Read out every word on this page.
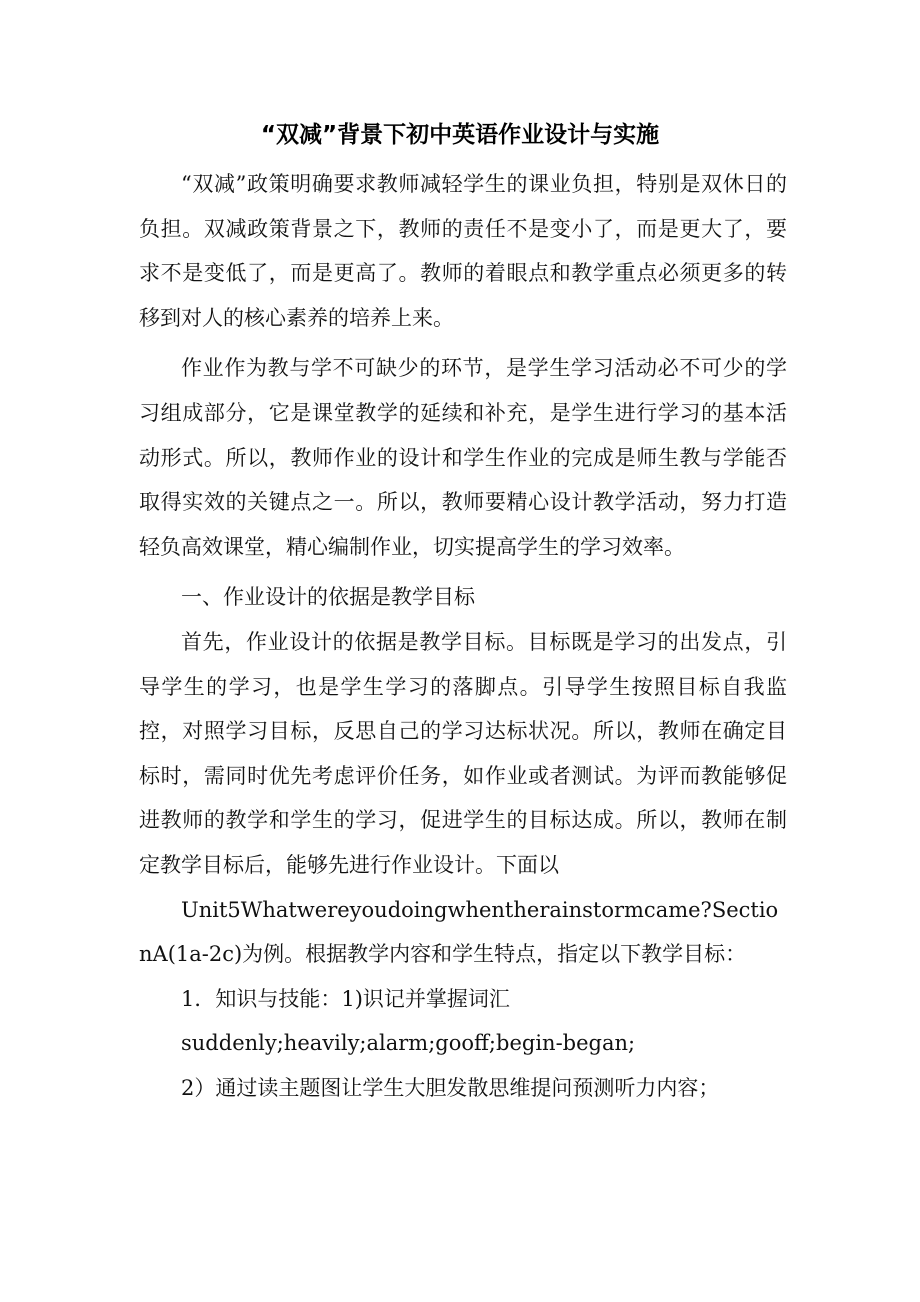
“双减”背景下初中英语作业设计与实施

“双减”政策明确要求教师减轻学生的课业负担，特别是双休日的负担。双减政策背景之下，教师的责任不是变小了，而是更大了，要求不是变低了，而是更高了。教师的着眼点和教学重点必须更多的转移到对人的核心素养的培养上来。

作业作为教与学不可缺少的环节，是学生学习活动必不可少的学习组成部分，它是课堂教学的延续和补充，是学生进行学习的基本活动形式。所以，教师作业的设计和学生作业的完成是师生教与学能否取得实效的关键点之一。所以，教师要精心设计教学活动，努力打造轻负高效课堂，精心编制作业，切实提高学生的学习效率。

一、作业设计的依据是教学目标

首先，作业设计的依据是教学目标。目标既是学习的出发点，引导学生的学习，也是学生学习的落脚点。引导学生按照目标自我监控，对照学习目标，反思自己的学习达标状况。所以，教师在确定目标时，需同时优先考虑评价任务，如作业或者测试。为评而教能够促进教师的教学和学生的学习，促进学生的目标达成。所以，教师在制定教学目标后，能够先进行作业设计。下面以

Unit5Whatwereyoudoingwhentherainstormcame?SectionA(1a-2c)为例。根据教学内容和学生特点，指定以下教学目标：

1．知识与技能：1)识记并掌握词汇

suddenly;heavily;alarm;gooff;begin-began;

2）通过读主题图让学生大胆发散思维提问预测听力内容；
